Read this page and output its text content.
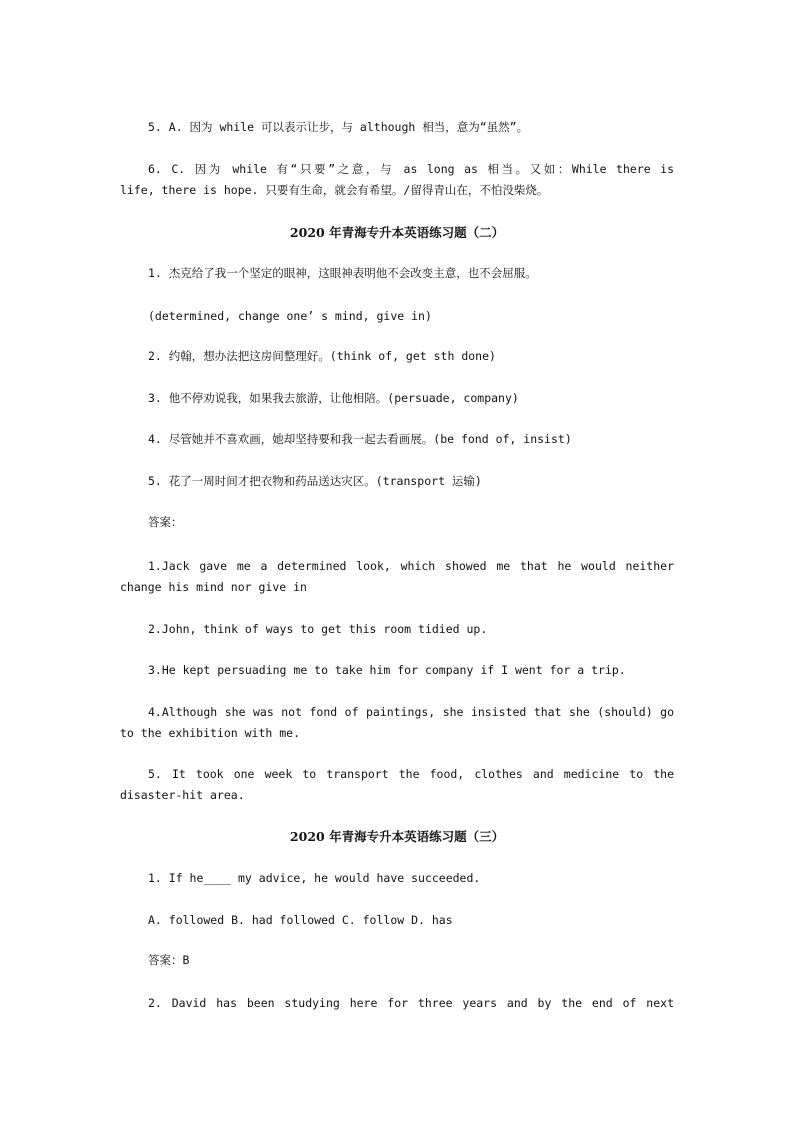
5. A. 因为 while 可以表示让步，与 although 相当，意为“虽然”。

6. C. 因为 while 有“只要”之意，与 as long as 相当。又如：While there is

life, there is hope. 只要有生命，就会有希望。/留得青山在，不怕没柴烧。

2020 年青海专升本英语练习题（二）

1. 杰克给了我一个坚定的眼神，这眼神表明他不会改变主意，也不会屈服。

(determined, change one’ s mind, give in)

2. 约翰，想办法把这房间整理好。(think of, get sth done)

3. 他不停劝说我，如果我去旅游，让他相陪。(persuade, company)

4. 尽管她并不喜欢画，她却坚持要和我一起去看画展。(be fond of, insist)

5. 花了一周时间才把衣物和药品送达灾区。(transport 运输)

答案：

1.Jack gave me a determined look, which showed me that he would neither

change his mind nor give in

2.John, think of ways to get this room tidied up.

3.He kept persuading me to take him for company if I went for a trip.

4.Although she was not fond of paintings, she insisted that she (should) go

to the exhibition with me.

5. It took one week to transport the food, clothes and medicine to the

disaster-hit area.

2020 年青海专升本英语练习题（三）

1. If he____ my advice, he would have succeeded.

A. followed B. had followed C. follow D. has

答案：B

2. David has been studying here for three years and by the end of next
